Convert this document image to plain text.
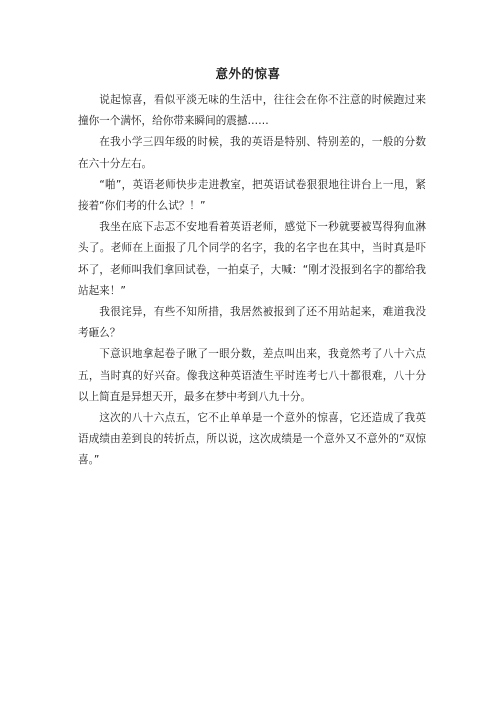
意外的惊喜

说起惊喜，看似平淡无味的生活中，往往会在你不注意的时候跑过来撞你一个满怀，给你带来瞬间的震撼……

在我小学三四年级的时候，我的英语是特别、特别差的，一般的分数在六十分左右。

“啪”，英语老师快步走进教室，把英语试卷狠狠地往讲台上一甩，紧接着“你们考的什么试？！”

我坐在底下忐忑不安地看着英语老师，感觉下一秒就要被骂得狗血淋头了。老师在上面报了几个同学的名字，我的名字也在其中，当时真是吓坏了，老师叫我们拿回试卷，一拍桌子，大喊：“刚才没报到名字的都给我站起来！”

我很诧异，有些不知所措，我居然被报到了还不用站起来，难道我没考砸么？

下意识地拿起卷子瞅了一眼分数，差点叫出来，我竟然考了八十六点五，当时真的好兴奋。像我这种英语渣生平时连考七八十都很难，八十分以上简直是异想天开，最多在梦中考到八九十分。

这次的八十六点五，它不止单单是一个意外的惊喜，它还造成了我英语成绩由差到良的转折点，所以说，这次成绩是一个意外又不意外的“双惊喜。”
